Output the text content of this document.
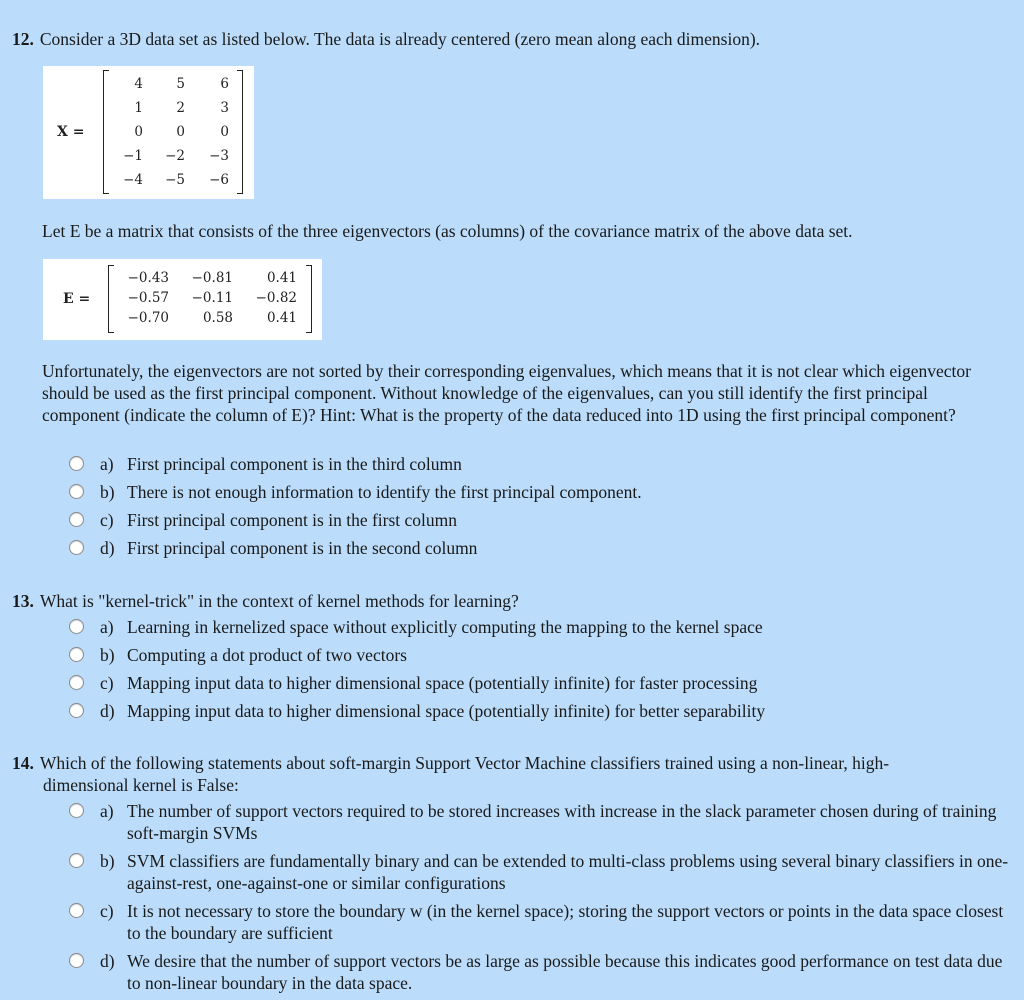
12. Consider a 3D data set as listed below. The data is already centered (zero mean along each dimension).
X =
4	5	6
1	2	3
0	0	0
−1	−2	−3
−4	−5	−6
Let E be a matrix that consists of the three eigenvectors (as columns) of the covariance matrix of the above data set.
E =
−0.43	−0.81	0.41
−0.57	−0.11	−0.82
−0.70	0.58	0.41
Unfortunately, the eigenvectors are not sorted by their corresponding eigenvalues, which means that it is not clear which eigenvector should be used as the first principal component. Without knowledge of the eigenvalues, can you still identify the first principal component (indicate the column of E)? Hint: What is the property of the data reduced into 1D using the first principal component?
a) First principal component is in the third column
b) There is not enough information to identify the first principal component.
c) First principal component is in the first column
d) First principal component is in the second column
13. What is "kernel-trick" in the context of kernel methods for learning?
a) Learning in kernelized space without explicitly computing the mapping to the kernel space
b) Computing a dot product of two vectors
c) Mapping input data to higher dimensional space (potentially infinite) for faster processing
d) Mapping input data to higher dimensional space (potentially infinite) for better separability
14. Which of the following statements about soft-margin Support Vector Machine classifiers trained using a non-linear, high-dimensional kernel is False:
a) The number of support vectors required to be stored increases with increase in the slack parameter chosen during of training soft-margin SVMs
b) SVM classifiers are fundamentally binary and can be extended to multi-class problems using several binary classifiers in one-against-rest, one-against-one or similar configurations
c) It is not necessary to store the boundary w (in the kernel space); storing the support vectors or points in the data space closest to the boundary are sufficient
d) We desire that the number of support vectors be as large as possible because this indicates good performance on test data due to non-linear boundary in the data space.
